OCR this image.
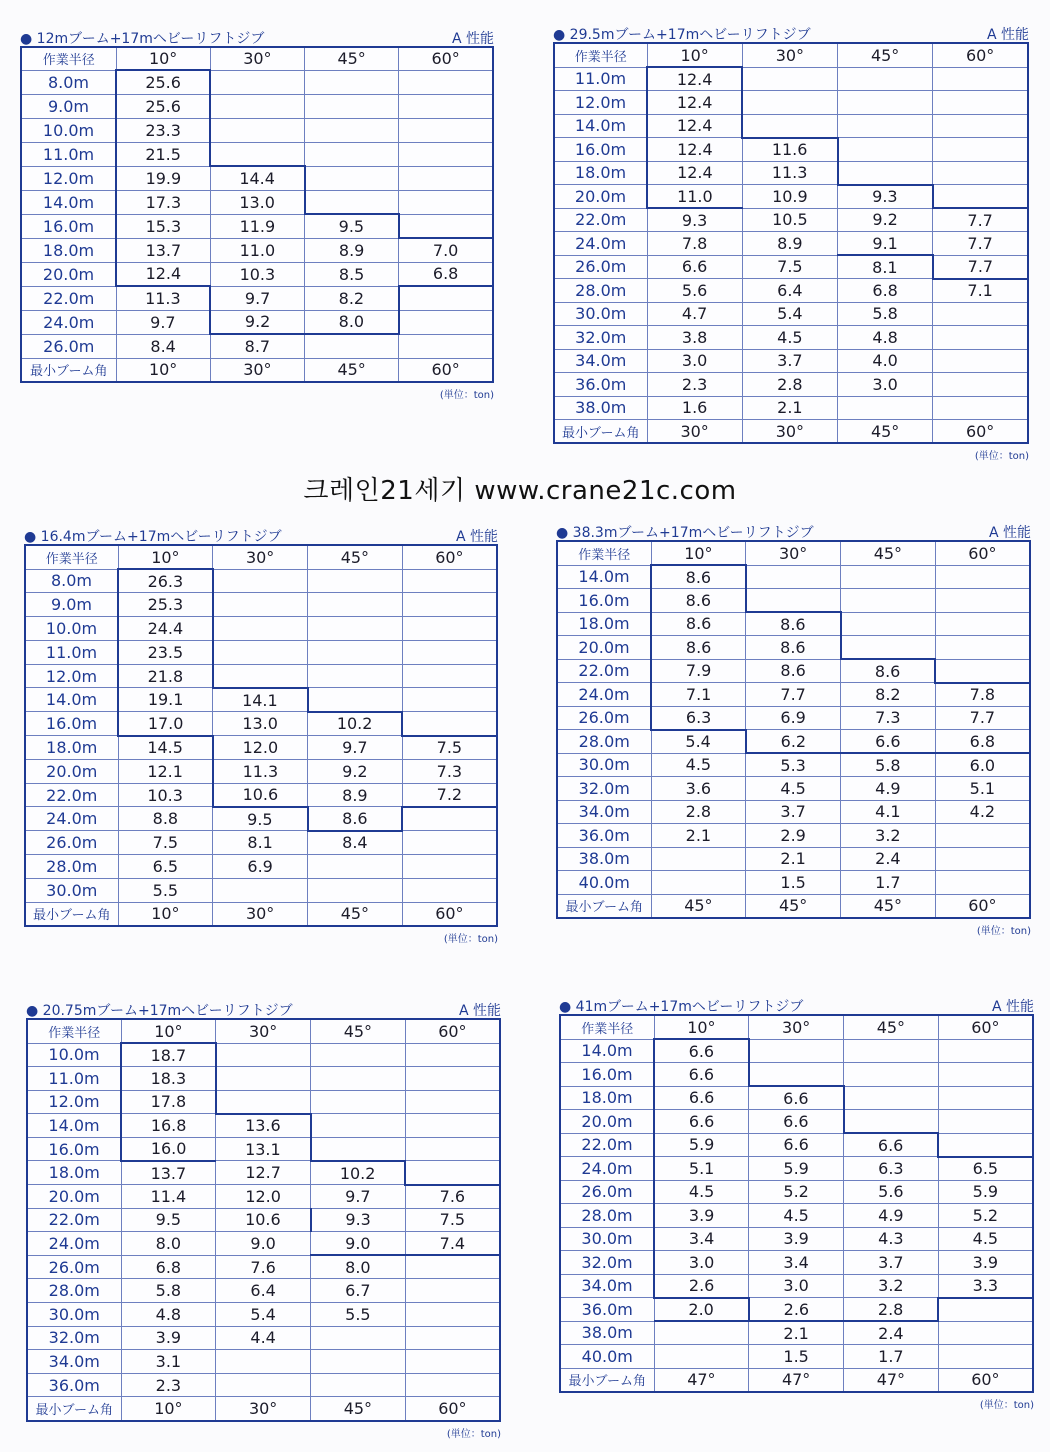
크레인21세기 www.crane21c.com
● 12mブーム+17mヘビーリフトジブ	A 性能
作業半径	10°	30°	45°	60°
8.0m	25.6			
9.0m	25.6			
10.0m	23.3			
11.0m	21.5			
12.0m	19.9	14.4		
14.0m	17.3	13.0		
16.0m	15.3	11.9	9.5	
18.0m	13.7	11.0	8.9	7.0
20.0m	12.4	10.3	8.5	6.8
22.0m	11.3	9.7	8.2	
24.0m	9.7	9.2	8.0	
26.0m	8.4	8.7		
最小ブーム角	10°	30°	45°	60°
(単位：ton)
● 29.5mブーム+17mヘビーリフトジブ	A 性能
作業半径	10°	30°	45°	60°
11.0m	12.4			
12.0m	12.4			
14.0m	12.4			
16.0m	12.4	11.6		
18.0m	12.4	11.3		
20.0m	11.0	10.9	9.3	
22.0m	9.3	10.5	9.2	7.7
24.0m	7.8	8.9	9.1	7.7
26.0m	6.6	7.5	8.1	7.7
28.0m	5.6	6.4	6.8	7.1
30.0m	4.7	5.4	5.8	
32.0m	3.8	4.5	4.8	
34.0m	3.0	3.7	4.0	
36.0m	2.3	2.8	3.0	
38.0m	1.6	2.1		
最小ブーム角	30°	30°	45°	60°
(単位：ton)
● 16.4mブーム+17mヘビーリフトジブ	A 性能
作業半径	10°	30°	45°	60°
8.0m	26.3			
9.0m	25.3			
10.0m	24.4			
11.0m	23.5			
12.0m	21.8			
14.0m	19.1	14.1		
16.0m	17.0	13.0	10.2	
18.0m	14.5	12.0	9.7	7.5
20.0m	12.1	11.3	9.2	7.3
22.0m	10.3	10.6	8.9	7.2
24.0m	8.8	9.5	8.6	
26.0m	7.5	8.1	8.4	
28.0m	6.5	6.9		
30.0m	5.5			
最小ブーム角	10°	30°	45°	60°
(単位：ton)
● 38.3mブーム+17mヘビーリフトジブ	A 性能
作業半径	10°	30°	45°	60°
14.0m	8.6			
16.0m	8.6			
18.0m	8.6	8.6		
20.0m	8.6	8.6		
22.0m	7.9	8.6	8.6	
24.0m	7.1	7.7	8.2	7.8
26.0m	6.3	6.9	7.3	7.7
28.0m	5.4	6.2	6.6	6.8
30.0m	4.5	5.3	5.8	6.0
32.0m	3.6	4.5	4.9	5.1
34.0m	2.8	3.7	4.1	4.2
36.0m	2.1	2.9	3.2	
38.0m		2.1	2.4	
40.0m		1.5	1.7	
最小ブーム角	45°	45°	45°	60°
(単位：ton)
● 20.75mブーム+17mヘビーリフトジブ	A 性能
作業半径	10°	30°	45°	60°
10.0m	18.7			
11.0m	18.3			
12.0m	17.8			
14.0m	16.8	13.6		
16.0m	16.0	13.1		
18.0m	13.7	12.7	10.2	
20.0m	11.4	12.0	9.7	7.6
22.0m	9.5	10.6	9.3	7.5
24.0m	8.0	9.0	9.0	7.4
26.0m	6.8	7.6	8.0	
28.0m	5.8	6.4	6.7	
30.0m	4.8	5.4	5.5	
32.0m	3.9	4.4		
34.0m	3.1			
36.0m	2.3			
最小ブーム角	10°	30°	45°	60°
(単位：ton)
● 41mブーム+17mヘビーリフトジブ	A 性能
作業半径	10°	30°	45°	60°
14.0m	6.6			
16.0m	6.6			
18.0m	6.6	6.6		
20.0m	6.6	6.6		
22.0m	5.9	6.6	6.6	
24.0m	5.1	5.9	6.3	6.5
26.0m	4.5	5.2	5.6	5.9
28.0m	3.9	4.5	4.9	5.2
30.0m	3.4	3.9	4.3	4.5
32.0m	3.0	3.4	3.7	3.9
34.0m	2.6	3.0	3.2	3.3
36.0m	2.0	2.6	2.8	
38.0m		2.1	2.4	
40.0m		1.5	1.7	
最小ブーム角	47°	47°	47°	60°
(単位：ton)
